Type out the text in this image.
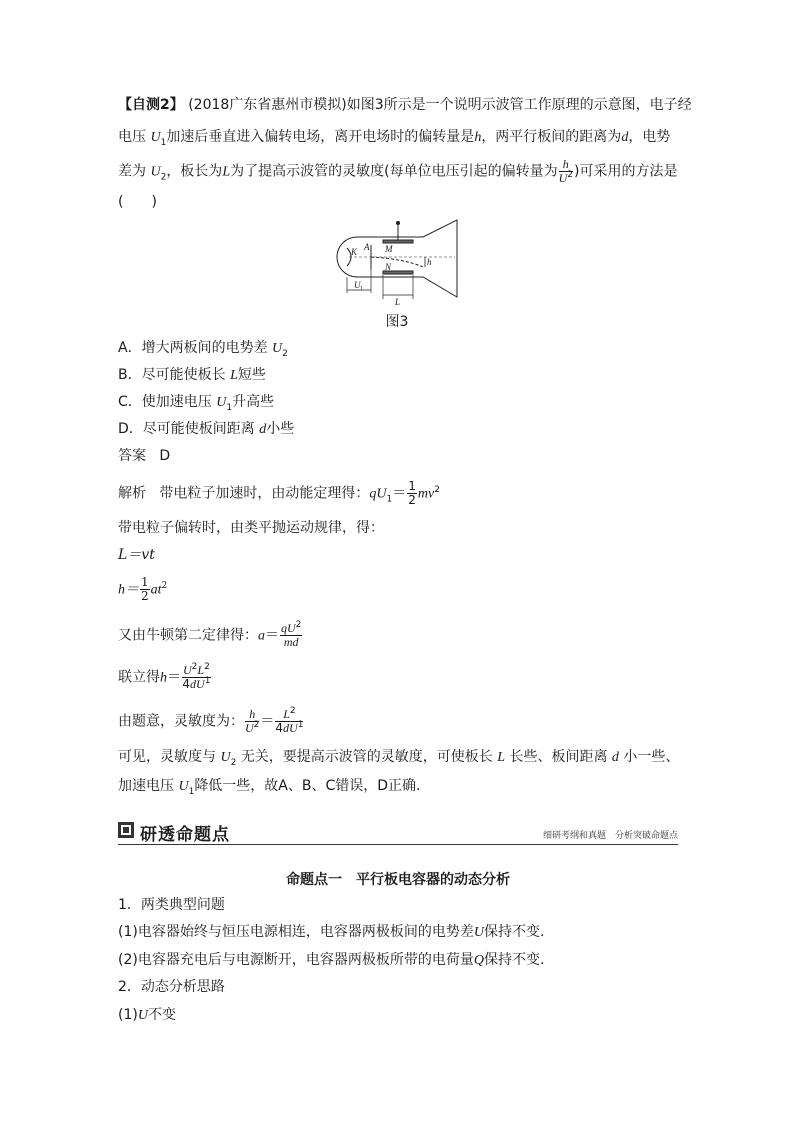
【自测2】 (2018广东省惠州市模拟)如图3所示是一个说明示波管工作原理的示意图，电子经
电压 $U_1$加速后垂直进入偏转电场，离开电场时的偏转量是h，两平行板间的距离为d，电势
差为 $U_2$，板长为L为了提高示波管的灵敏度(每单位电压引起的偏转量为 $\frac{h}{U^2}$ )可采用的方法是
(　　)
K A M
N	h
U 1
L
图3
A．增大两板间的电势差 $U_2$
B．尽可能使板长 L短些
C．使加速电压 $U_1$升高些
D．尽可能使板间距离 d小些
答案 D
解析 带电粒子加速时，由动能定理得：$qU_1= \frac{1}{2} mv^2$
带电粒子偏转时，由类平抛运动规律，得：
L＝vt
$h= \frac{1}{2} at^2$
又由牛顿第二定律得：$a= \frac{qU^2}{md}$
联立得$h= \frac{U^2L^2}{4dU^1}$
由题意，灵敏度为： $\frac{h}{U^2} = \frac{L^2}{4dU^1}$
可见，灵敏度与 $U_2$ 无关，要提高示波管的灵敏度，可使板长 L 长些、板间距离 d 小一些、
加速电压 $U_1$降低一些，故A、B、C错误，D正确.
研透命题点	细研考纲和真题　分析突破命题点
命题点一　平行板电容器的动态分析
1．两类典型问题
(1)电容器始终与恒压电源相连，电容器两极板间的电势差U保持不变.
(2)电容器充电后与电源断开，电容器两极板所带的电荷量Q保持不变.
2．动态分析思路
(1)U不变
